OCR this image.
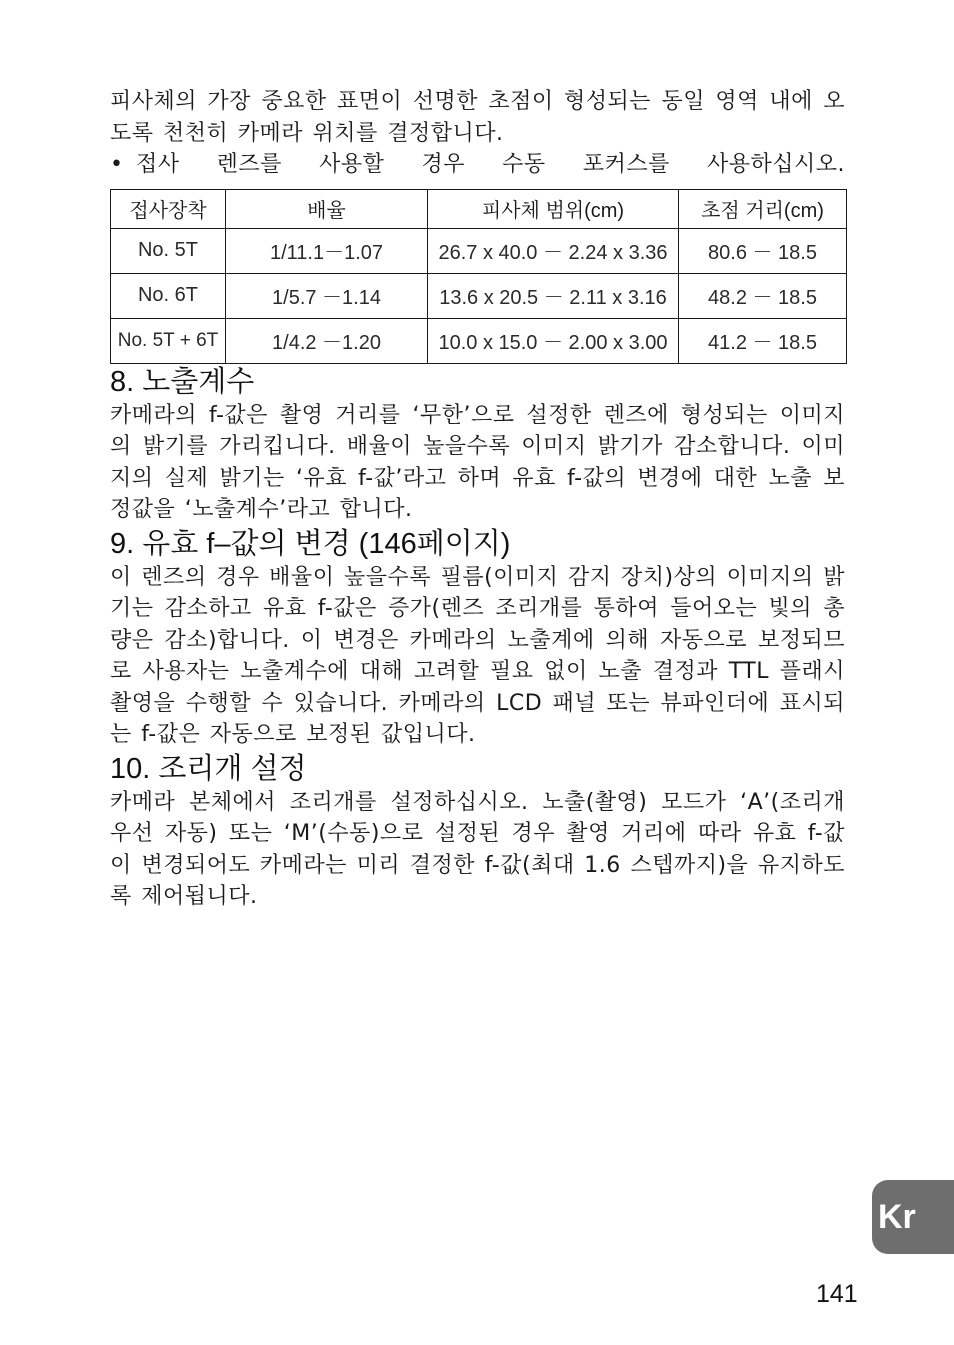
피사체의 가장 중요한 표면이 선명한 초점이 형성되는 동일 영역 내에 오도록 천천히 카메라 위치를 결정합니다.

• 접사 렌즈를 사용할 경우 수동 포커스를 사용하십시오.
접사장착	배율	피사체 범위(cm)	초점 거리(cm)
No. 5T	1/11.1－1.07	26.7 x 40.0 － 2.24 x 3.36	80.6 － 18.5
No. 6T	1/5.7 －1.14	13.6 x 20.5 － 2.11 x 3.16	48.2 － 18.5
No. 5T + 6T	1/4.2 －1.20	10.0 x 15.0 － 2.00 x 3.00	41.2 － 18.5
8. 노출계수

카메라의 f-값은 촬영 거리를 ‘무한’으로 설정한 렌즈에 형성되는 이미지의 밝기를 가리킵니다. 배율이 높을수록 이미지 밝기가 감소합니다. 이미지의 실제 밝기는 ‘유효 f-값’라고 하며 유효 f-값의 변경에 대한 노출 보정값을 ‘노출계수’라고 합니다.

9. 유효 f–값의 변경 (146페이지)

이 렌즈의 경우 배율이 높을수록 필름(이미지 감지 장치)상의 이미지의 밝기는 감소하고 유효 f-값은 증가(렌즈 조리개를 통하여 들어오는 빛의 총량은 감소)합니다. 이 변경은 카메라의 노출계에 의해 자동으로 보정되므로 사용자는 노출계수에 대해 고려할 필요 없이 노출 결정과 TTL 플래시 촬영을 수행할 수 있습니다. 카메라의 LCD 패널 또는 뷰파인더에 표시되는 f-값은 자동으로 보정된 값입니다.

10. 조리개 설정

카메라 본체에서 조리개를 설정하십시오. 노출(촬영) 모드가 ‘A’(조리개 우선 자동) 또는 ‘M’(수동)으로 설정된 경우 촬영 거리에 따라 유효 f-값이 변경되어도 카메라는 미리 결정한 f-값(최대 1.6 스텝까지)을 유지하도록 제어됩니다.

Kr
141
